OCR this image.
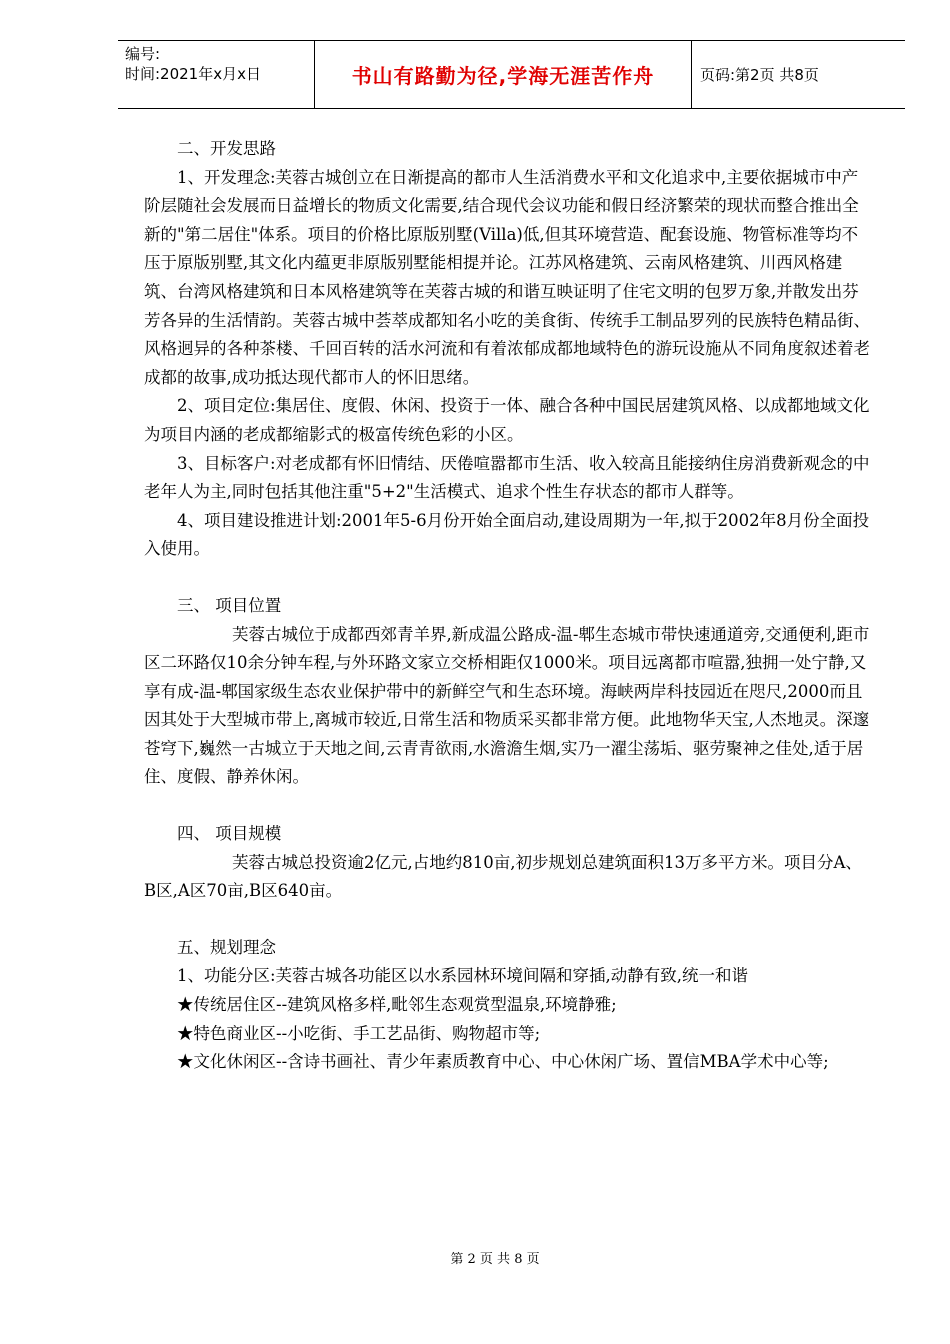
编号:
时间:2021年x月x日	书山有路勤为径,学海无涯苦作舟	页码:第2页 共8页

二、开发思路

1、开发理念:芙蓉古城创立在日渐提高的都市人生活消费水平和文化追求中,主要依据城市中产阶层随社会发展而日益增长的物质文化需要,结合现代会议功能和假日经济繁荣的现状而整合推出全新的"第二居住"体系。项目的价格比原版别墅(Villa)低,但其环境营造、配套设施、物管标准等均不压于原版别墅,其文化内蕴更非原版别墅能相提并论。江苏风格建筑、云南风格建筑、川西风格建筑、台湾风格建筑和日本风格建筑等在芙蓉古城的和谐互映证明了住宅文明的包罗万象,并散发出芬芳各异的生活情韵。芙蓉古城中荟萃成都知名小吃的美食街、传统手工制品罗列的民族特色精品街、风格迥异的各种茶楼、千回百转的活水河流和有着浓郁成都地域特色的游玩设施从不同角度叙述着老成都的故事,成功抵达现代都市人的怀旧思绪。

2、项目定位:集居住、度假、休闲、投资于一体、融合各种中国民居建筑风格、以成都地域文化为项目内涵的老成都缩影式的极富传统色彩的小区。

3、目标客户:对老成都有怀旧情结、厌倦喧嚣都市生活、收入较高且能接纳住房消费新观念的中老年人为主,同时包括其他注重"5+2"生活模式、追求个性生存状态的都市人群等。

4、项目建设推进计划:2001年5-6月份开始全面启动,建设周期为一年,拟于2002年8月份全面投入使用。

三、 项目位置

芙蓉古城位于成都西郊青羊界,新成温公路成-温-郫生态城市带快速通道旁,交通便利,距市区二环路仅10余分钟车程,与外环路文家立交桥相距仅1000米。项目远离都市喧嚣,独拥一处宁静,又享有成-温-郫国家级生态农业保护带中的新鲜空气和生态环境。海峡两岸科技园近在咫尺,2000而且因其处于大型城市带上,离城市较近,日常生活和物质采买都非常方便。此地物华天宝,人杰地灵。深邃苍穹下,巍然一古城立于天地之间,云青青欲雨,水澹澹生烟,实乃一濯尘荡垢、驱劳聚神之佳处,适于居住、度假、静养休闲。

四、 项目规模

芙蓉古城总投资逾2亿元,占地约810亩,初步规划总建筑面积13万多平方米。项目分A、B区,A区70亩,B区640亩。

五、规划理念

1、功能分区:芙蓉古城各功能区以水系园林环境间隔和穿插,动静有致,统一和谐

★传统居住区--建筑风格多样,毗邻生态观赏型温泉,环境静雅;

★特色商业区--小吃街、手工艺品街、购物超市等;

★文化休闲区--含诗书画社、青少年素质教育中心、中心休闲广场、置信MBA学术中心等;

第 2 页 共 8 页
